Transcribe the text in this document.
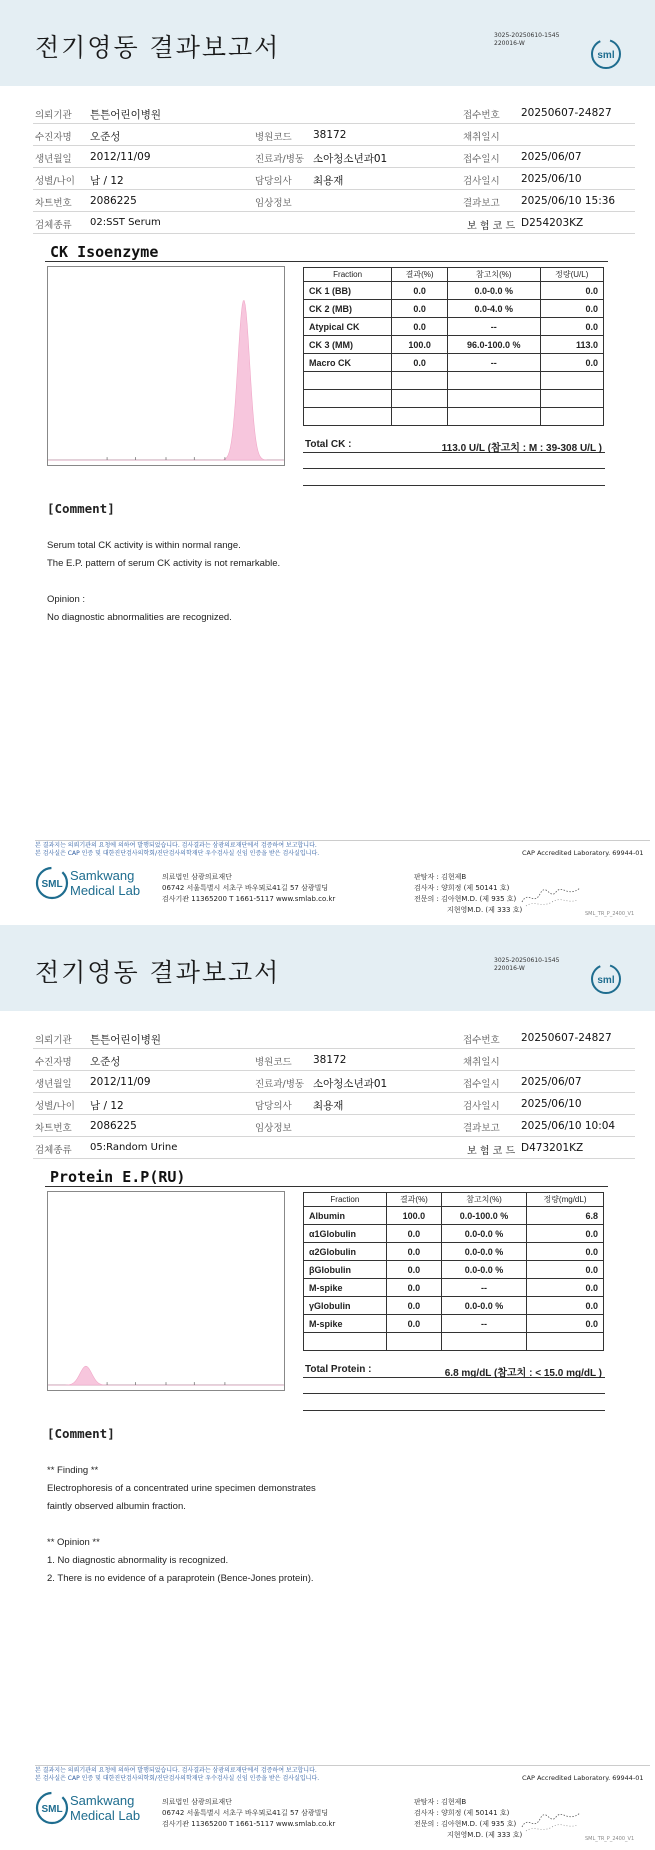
전기영동 결과보고서	3025-20250610-1545
220016-W
sml
의뢰기관 튼튼어린이병원	접수번호 20250607-24827
수진자명 오준성	병원코드 38172	채취일시
생년월일 2012/11/09	진료과/병동 소아청소년과01	접수일시 2025/06/07
성별/나이 남 / 12	담당의사 최용재	검사일시 2025/06/10
차트번호 2086225	임상정보	결과보고 2025/06/10 15:36
검체종류 02:SST Serum	보 험 코 드 D254203KZ
CK Isoenzyme
Fraction	결과(%)	참고치(%)	정량(U/L)
CK 1 (BB)	0.0	0.0-0.0 %	0.0
CK 2 (MB)	0.0	0.0-4.0 %	0.0
Atypical CK	0.0	--	0.0
CK 3 (MM)	100.0	96.0-100.0 %	113.0
Macro CK	0.0	--	0.0

Total CK :	113.0 U/L (참고치 : M : 39-308 U/L )
[Comment]
Serum total CK activity is within normal range.
The E.P. pattern of serum CK activity is not remarkable.
Opinion :
No diagnostic abnormalities are recognized.
본 결과지는 의뢰기관의 요청에 의하여 발행되었습니다. 검사결과는 삼광의료재단에서 검증하여 보고합니다.
본 검사실은 CAP 인증 및 대한진단검사의학회/진단검사의학재단 우수검사실 신임 인증을 받은 검사실입니다.	CAP Accredited Laboratory. 69944-01
SML
Samkwang
Medical Lab
의료법인 삼광의료재단
06742 서울특별시 서초구 바우뫼로41길 57 삼광빌딩
검사기관 11365200 T 1661-5117 www.smlab.co.kr
판탐자 : 김현제B
검사자 : 양희정 (제 50141 호)
전문의 : 김아현M.D. (제 935 호)
지현영M.D. (제 333 호)	SML_TR_P_2400_V1
전기영동 결과보고서	3025-20250610-1545
220016-W
sml
의뢰기관 튼튼어린이병원	접수번호 20250607-24827
수진자명 오준성	병원코드 38172	채취일시
생년월일 2012/11/09	진료과/병동 소아청소년과01	접수일시 2025/06/07
성별/나이 남 / 12	담당의사 최용재	검사일시 2025/06/10
차트번호 2086225	임상정보	결과보고 2025/06/10 10:04
검체종류 05:Random Urine	보 험 코 드 D473201KZ
Protein E.P(RU)
Fraction	결과(%)	참고치(%)	정량(mg/dL)
Albumin	100.0	0.0-100.0 %	6.8
α1Globulin	0.0	0.0-0.0 %	0.0
α2Globulin	0.0	0.0-0.0 %	0.0
βGlobulin	0.0	0.0-0.0 %	0.0
M-spike	0.0	--	0.0
γGlobulin	0.0	0.0-0.0 %	0.0
M-spike	0.0	--	0.0

Total Protein :	6.8 mg/dL (참고치 : < 15.0 mg/dL )
[Comment]
** Finding **
Electrophoresis of a concentrated urine specimen demonstrates
faintly observed albumin fraction.
** Opinion **
1. No diagnostic abnormality is recognized.
2. There is no evidence of a paraprotein (Bence-Jones protein).
본 결과지는 의뢰기관의 요청에 의하여 발행되었습니다. 검사결과는 삼광의료재단에서 검증하여 보고합니다.
본 검사실은 CAP 인증 및 대한진단검사의학회/진단검사의학재단 우수검사실 신임 인증을 받은 검사실입니다.	CAP Accredited Laboratory. 69944-01
SML
Samkwang
Medical Lab
의료법인 삼광의료재단
06742 서울특별시 서초구 바우뫼로41길 57 삼광빌딩
검사기관 11365200 T 1661-5117 www.smlab.co.kr
판탐자 : 김현제B
검사자 : 양희정 (제 50141 호)
전문의 : 김아현M.D. (제 935 호)
지현영M.D. (제 333 호)	SML_TR_P_2400_V1
